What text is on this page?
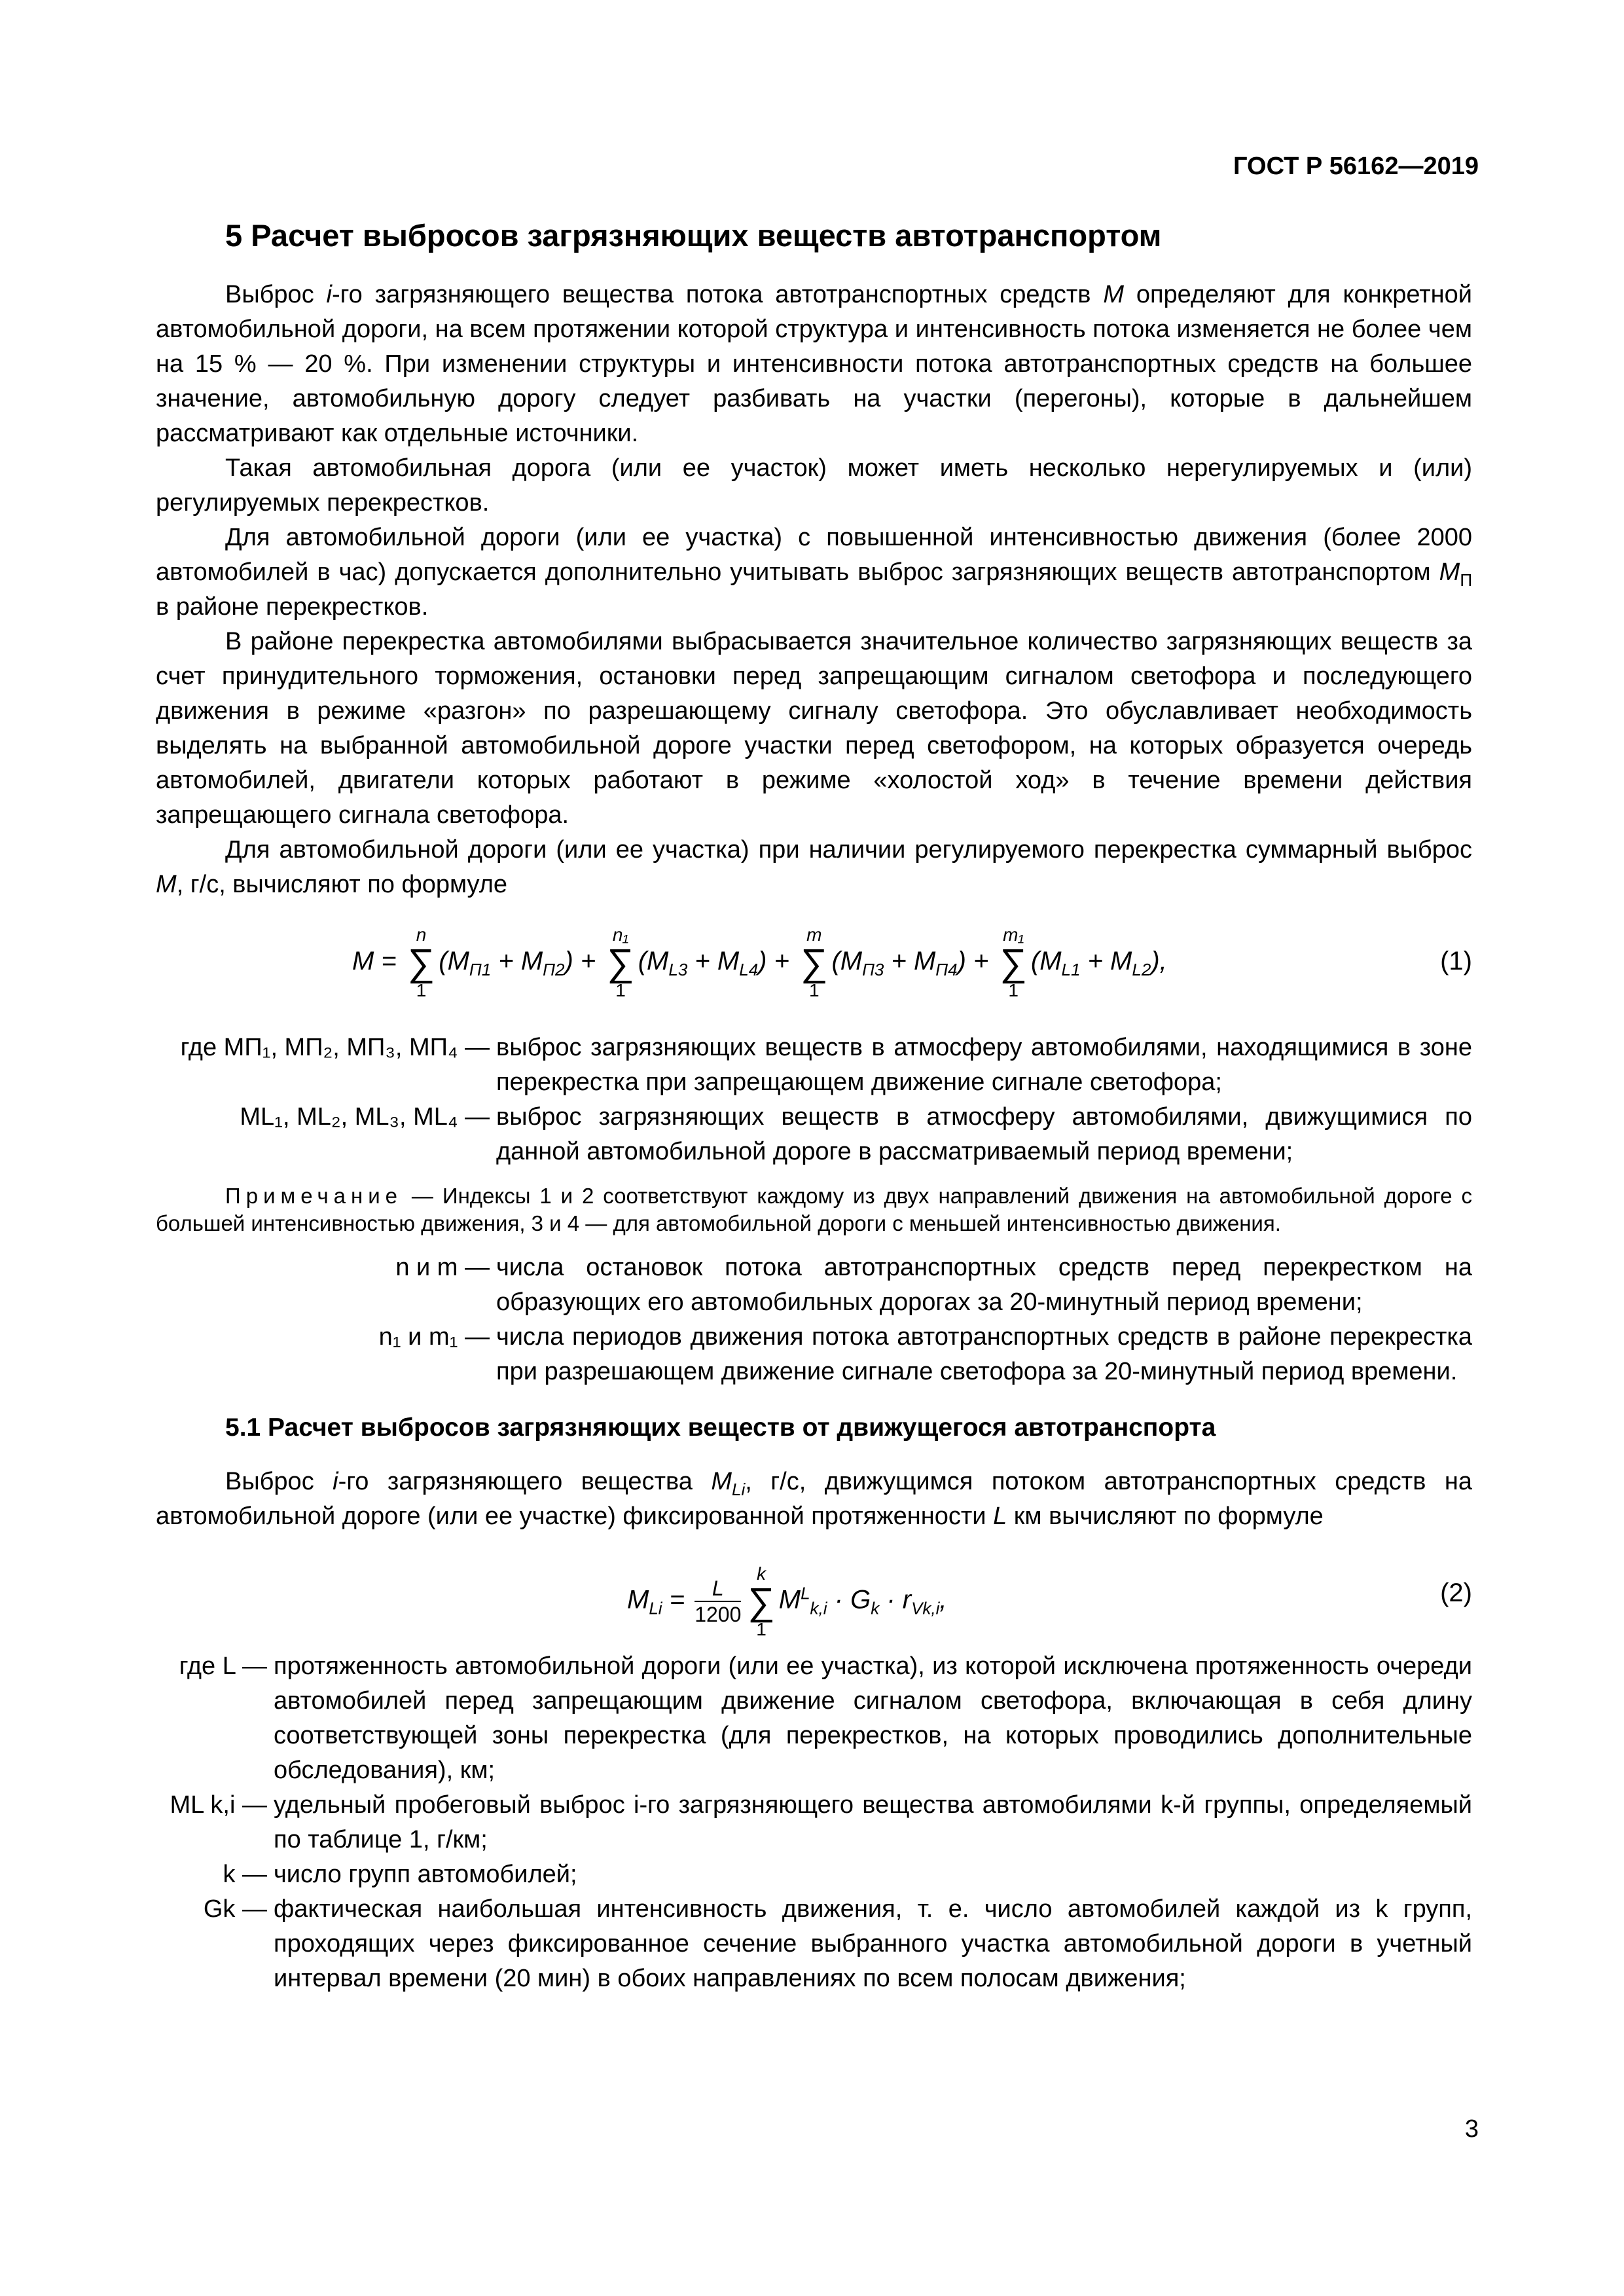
ГОСТ Р 56162—2019
5 Расчет выбросов загрязняющих веществ автотранспортом

Выброс i-го загрязняющего вещества потока автотранспортных средств M определяют для конкретной автомобильной дороги, на всем протяжении которой структура и интенсивность потока изменяется не более чем на 15 % — 20 %. При изменении структуры и интенсивности потока автотранспортных средств на большее значение, автомобильную дорогу следует разбивать на участки (перегоны), которые в дальнейшем рассматривают как отдельные источники.

Такая автомобильная дорога (или ее участок) может иметь несколько нерегулируемых и (или) регулируемых перекрестков.

Для автомобильной дороги (или ее участка) с повышенной интенсивностью движения (более 2000 автомобилей в час) допускается дополнительно учитывать выброс загрязняющих веществ автотранспортом $M_П$ в районе перекрестков.

В районе перекрестка автомобилями выбрасывается значительное количество загрязняющих веществ за счет принудительного торможения, остановки перед запрещающим сигналом светофора и последующего движения в режиме «разгон» по разрешающему сигналу светофора. Это обуславливает необходимость выделять на выбранной автомобильной дороге участки перед светофором, на которых образуется очередь автомобилей, двигатели которых работают в режиме «холостой ход» в течение времени действия запрещающего сигнала светофора.

Для автомобильной дороги (или ее участка) при наличии регулируемого перекрестка суммарный выброс M, г/с, вычисляют по формуле

M = ∑
n
1
$(M_{П1} + M_{П2})$ + ∑
n₁
1
$(M_{L3} + M_{L4})$ + ∑
m
1
$(M_{П3} + M_{П4})$ + ∑
m₁
1
$(M_{L1} + M_{L2})$,	(1)
где MП₁, MП₂, MП₃, MП₄ — выброс загрязняющих веществ в атмосферу автомобилями, находящимися в зоне перекрестка при запрещающем движение сигнале светофора;
ML₁, ML₂, ML₃, ML₄ — выброс загрязняющих веществ в атмосферу автомобилями, движущимися по данной автомобильной дороге в рассматриваемый период времени;
Примечание — Индексы 1 и 2 соответствуют каждому из двух направлений движения на автомобильной дороге с большей интенсивностью движения, 3 и 4 — для автомобильной дороги с меньшей интенсивностью движения.
n и m — числа остановок потока автотранспортных средств перед перекрестком на образующих его автомобильных дорогах за 20-минутный период времени;
n₁ и m₁ — числа периодов движения потока автотранспортных средств в районе перекрестка при разрешающем движение сигнале светофора за 20-минутный период времени.
5.1 Расчет выбросов загрязняющих веществ от движущегося автотранспорта

Выброс i-го загрязняющего вещества $M_{Li}$, г/с, движущимся потоком автотранспортных средств на автомобильной дороге (или ее участке) фиксированной протяженности L км вычисляют по формуле

$M_{Li} = \frac{L}{1200}$ ∑
k
1
$M^L_{k,i} \cdot G_k \cdot r_{Vk,i}$,	(2)
где L — протяженность автомобильной дороги (или ее участка), из которой исключена протяженность очереди автомобилей перед запрещающим движение сигналом светофора, включающая в себя длину соответствующей зоны перекрестка (для перекрестков, на которых проводились дополнительные обследования), км;
ML k,i — удельный пробеговый выброс i-го загрязняющего вещества автомобилями k-й группы, определяемый по таблице 1, г/км;
k — число групп автомобилей;
Gk — фактическая наибольшая интенсивность движения, т. е. число автомобилей каждой из k групп, проходящих через фиксированное сечение выбранного участка автомобильной дороги в учетный интервал времени (20 мин) в обоих направлениях по всем полосам движения;
3
